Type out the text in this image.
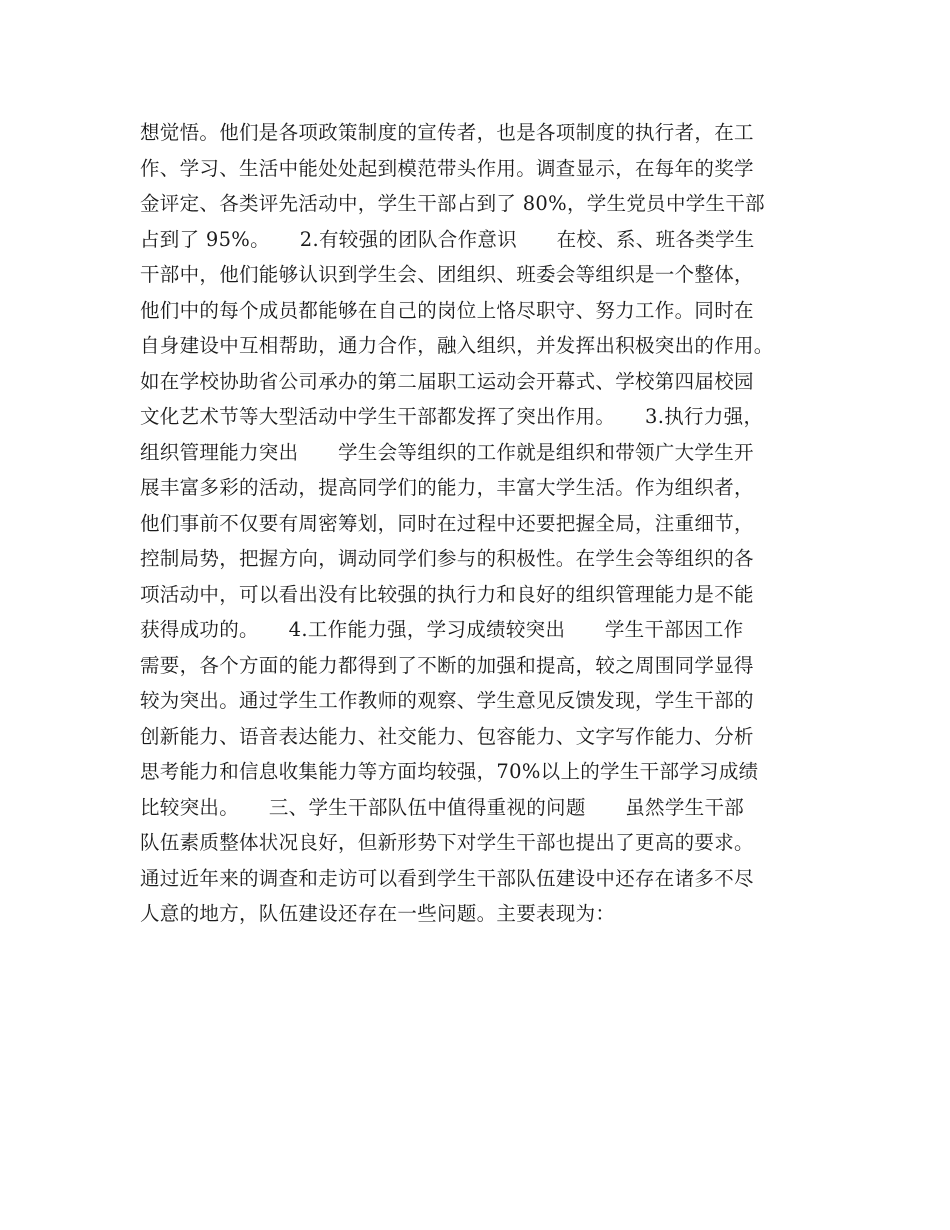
想觉悟。他们是各项政策制度的宣传者，也是各项制度的执行者，在工
作、学习、生活中能处处起到模范带头作用。调查显示，在每年的奖学
金评定、各类评先活动中，学生干部占到了 80%，学生党员中学生干部
占到了 95%。　　2.有较强的团队合作意识　　在校、系、班各类学生
干部中，他们能够认识到学生会、团组织、班委会等组织是一个整体，
他们中的每个成员都能够在自己的岗位上恪尽职守、努力工作。同时在
自身建设中互相帮助，通力合作，融入组织，并发挥出积极突出的作用。
如在学校协助省公司承办的第二届职工运动会开幕式、学校第四届校园
文化艺术节等大型活动中学生干部都发挥了突出作用。　　3.执行力强，
组织管理能力突出　　学生会等组织的工作就是组织和带领广大学生开
展丰富多彩的活动，提高同学们的能力，丰富大学生活。作为组织者，
他们事前不仅要有周密筹划，同时在过程中还要把握全局，注重细节，
控制局势，把握方向，调动同学们参与的积极性。在学生会等组织的各
项活动中，可以看出没有比较强的执行力和良好的组织管理能力是不能
获得成功的。　　4.工作能力强，学习成绩较突出　　学生干部因工作
需要，各个方面的能力都得到了不断的加强和提高，较之周围同学显得
较为突出。通过学生工作教师的观察、学生意见反馈发现，学生干部的
创新能力、语音表达能力、社交能力、包容能力、文字写作能力、分析
思考能力和信息收集能力等方面均较强，70%以上的学生干部学习成绩
比较突出。　　三、学生干部队伍中值得重视的问题　　虽然学生干部
队伍素质整体状况良好，但新形势下对学生干部也提出了更高的要求。
通过近年来的调查和走访可以看到学生干部队伍建设中还存在诸多不尽
人意的地方，队伍建设还存在一些问题。主要表现为：
